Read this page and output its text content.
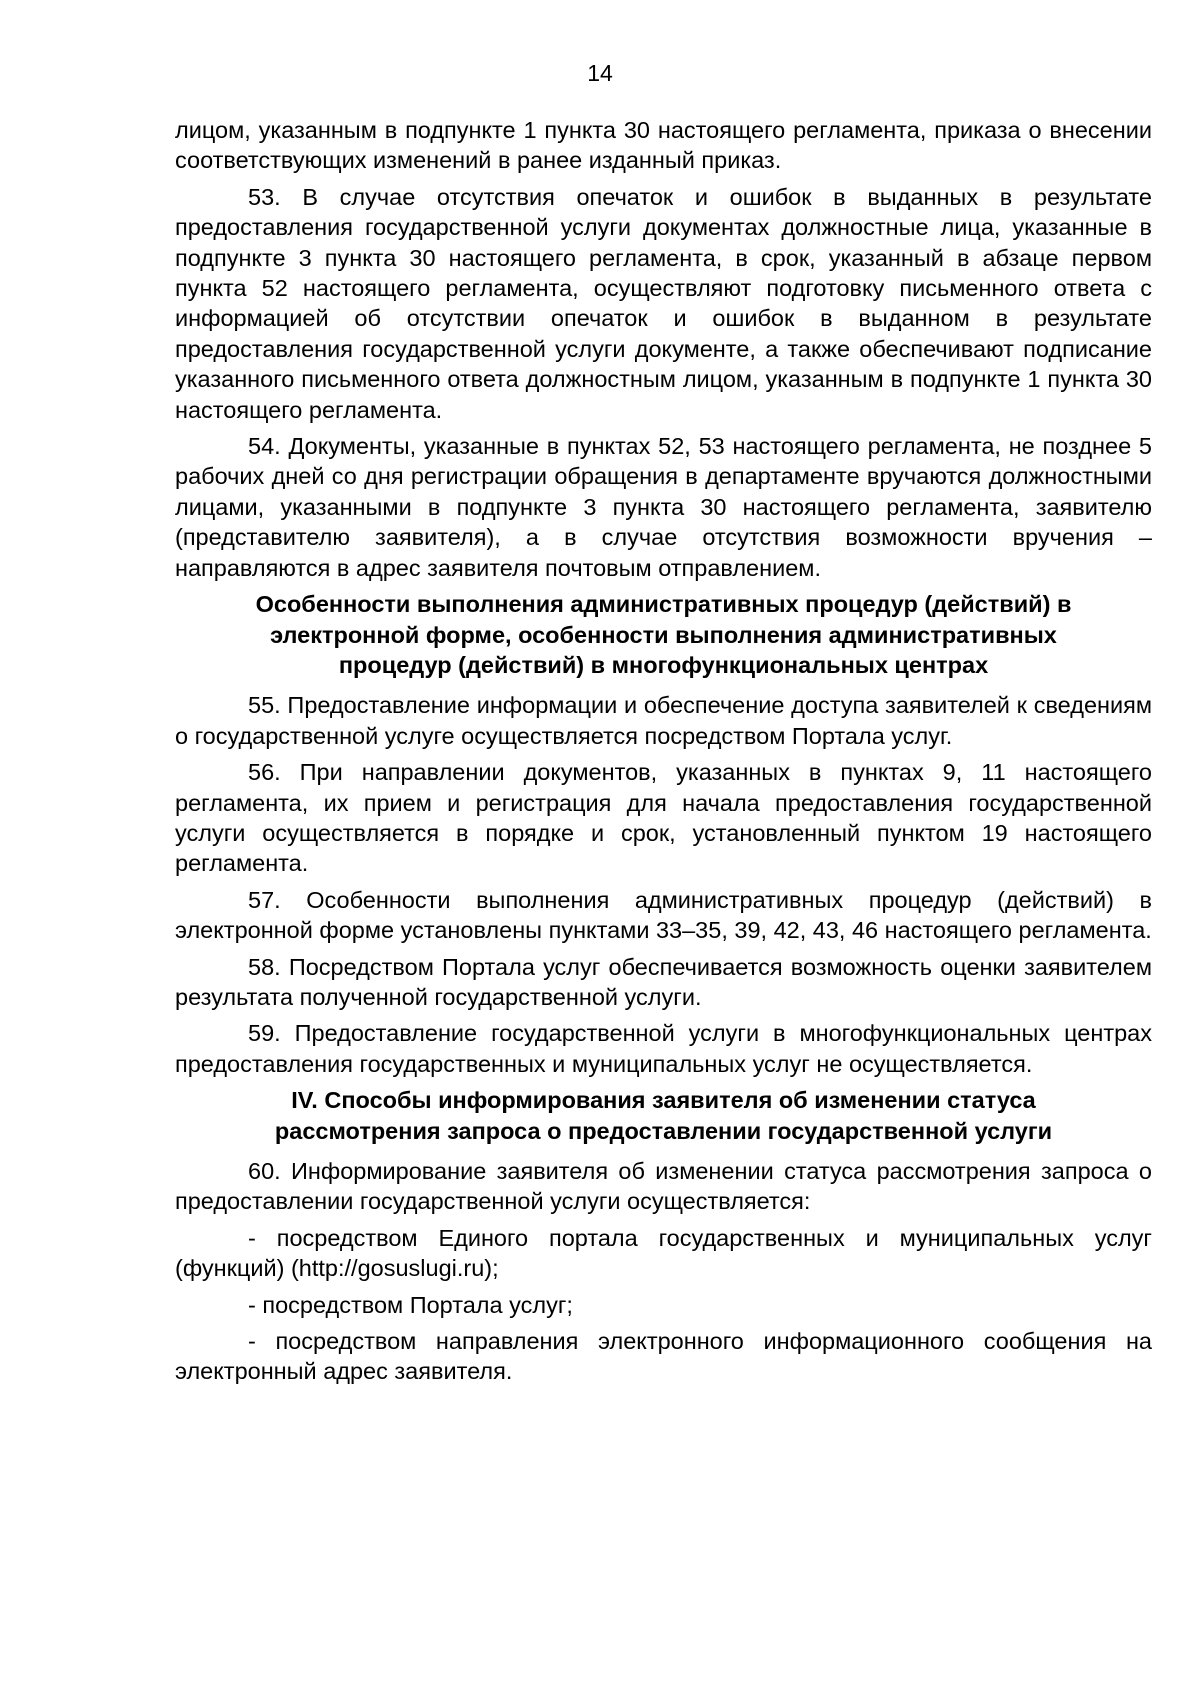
14

лицом, указанным в подпункте 1 пункта 30 настоящего регламента, приказа о внесении соответствующих изменений в ранее изданный приказ.

53. В случае отсутствия опечаток и ошибок в выданных в результате предоставления государственной услуги документах должностные лица, указанные в подпункте 3 пункта 30 настоящего регламента, в срок, указанный в абзаце первом пункта 52 настоящего регламента, осуществляют подготовку письменного ответа с информацией об отсутствии опечаток и ошибок в выданном в результате предоставления государственной услуги документе, а также обеспечивают подписание указанного письменного ответа должностным лицом, указанным в подпункте 1 пункта 30 настоящего регламента.

54. Документы, указанные в пунктах 52, 53 настоящего регламента, не позднее 5 рабочих дней со дня регистрации обращения в департаменте вручаются должностными лицами, указанными в подпункте 3 пункта 30 настоящего регламента, заявителю (представителю заявителя), а в случае отсутствия возможности вручения – направляются в адрес заявителя почтовым отправлением.

Особенности выполнения административных процедур (действий) в
электронной форме, особенности выполнения административных
процедур (действий) в многофункциональных центрах

55. Предоставление информации и обеспечение доступа заявителей к сведениям о государственной услуге осуществляется посредством Портала услуг.

56. При направлении документов, указанных в пунктах 9, 11 настоящего регламента, их прием и регистрация для начала предоставления государственной услуги осуществляется в порядке и срок, установленный пунктом 19 настоящего регламента.

57. Особенности выполнения административных процедур (действий) в электронной форме установлены пунктами 33–35, 39, 42, 43, 46 настоящего регламента.

58. Посредством Портала услуг обеспечивается возможность оценки заявителем результата полученной государственной услуги.

59. Предоставление государственной услуги в многофункциональных центрах предоставления государственных и муниципальных услуг не осуществляется.

IV. Способы информирования заявителя об изменении статуса
рассмотрения запроса о предоставлении государственной услуги

60. Информирование заявителя об изменении статуса рассмотрения запроса о предоставлении государственной услуги осуществляется:

- посредством Единого портала государственных и муниципальных услуг (функций) (http://gosuslugi.ru);

- посредством Портала услуг;

- посредством направления электронного информационного сообщения на электронный адрес заявителя.
